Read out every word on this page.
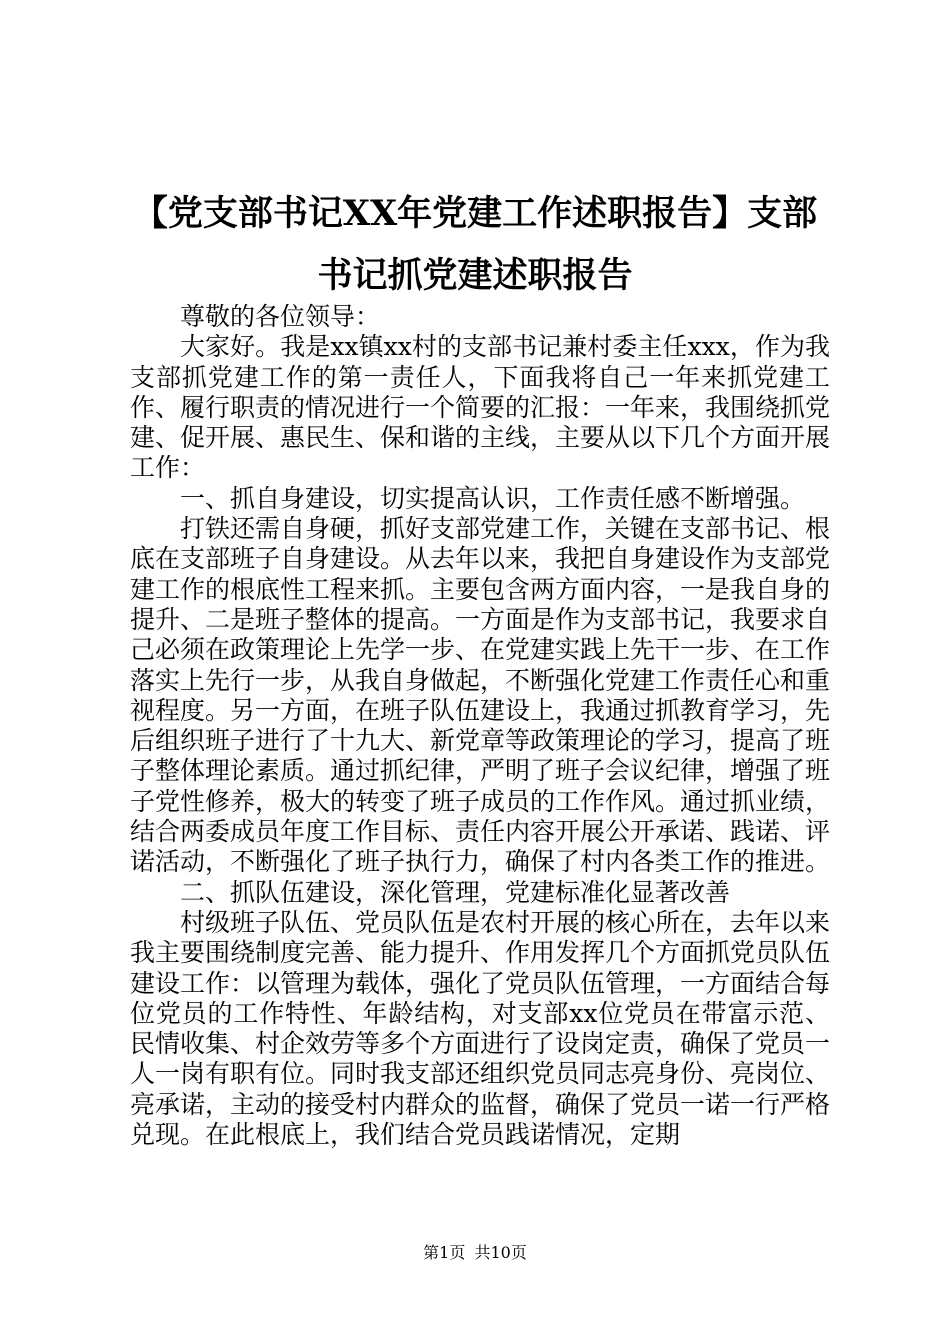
【党支部书记XX年党建工作述职报告】支部
书记抓党建述职报告

尊敬的各位领导：

大家好。我是xx镇xx村的支部书记兼村委主任xxx，作为我支部抓党建工作的第一责任人，下面我将自己一年来抓党建工作、履行职责的情况进行一个简要的汇报：一年来，我围绕抓党建、促开展、惠民生、保和谐的主线，主要从以下几个方面开展工作：

一、抓自身建设，切实提高认识，工作责任感不断增强。

打铁还需自身硬，抓好支部党建工作，关键在支部书记、根底在支部班子自身建设。从去年以来，我把自身建设作为支部党建工作的根底性工程来抓。主要包含两方面内容，一是我自身的提升、二是班子整体的提高。一方面是作为支部书记，我要求自己必须在政策理论上先学一步、在党建实践上先干一步、在工作落实上先行一步，从我自身做起，不断强化党建工作责任心和重视程度。另一方面，在班子队伍建设上，我通过抓教育学习，先后组织班子进行了十九大、新党章等政策理论的学习，提高了班子整体理论素质。通过抓纪律，严明了班子会议纪律，增强了班子党性修养，极大的转变了班子成员的工作作风。通过抓业绩，结合两委成员年度工作目标、责任内容开展公开承诺、践诺、评诺活动，不断强化了班子执行力，确保了村内各类工作的推进。

二、抓队伍建设，深化管理，党建标准化显著改善

村级班子队伍、党员队伍是农村开展的核心所在，去年以来我主要围绕制度完善、能力提升、作用发挥几个方面抓党员队伍建设工作：以管理为载体，强化了党员队伍管理，一方面结合每位党员的工作特性、年龄结构，对支部xx位党员在带富示范、民情收集、村企效劳等多个方面进行了设岗定责，确保了党员一人一岗有职有位。同时我支部还组织党员同志亮身份、亮岗位、亮承诺，主动的接受村内群众的监督，确保了党员一诺一行严格兑现。在此根底上，我们结合党员践诺情况，定期

第1页 共10页
